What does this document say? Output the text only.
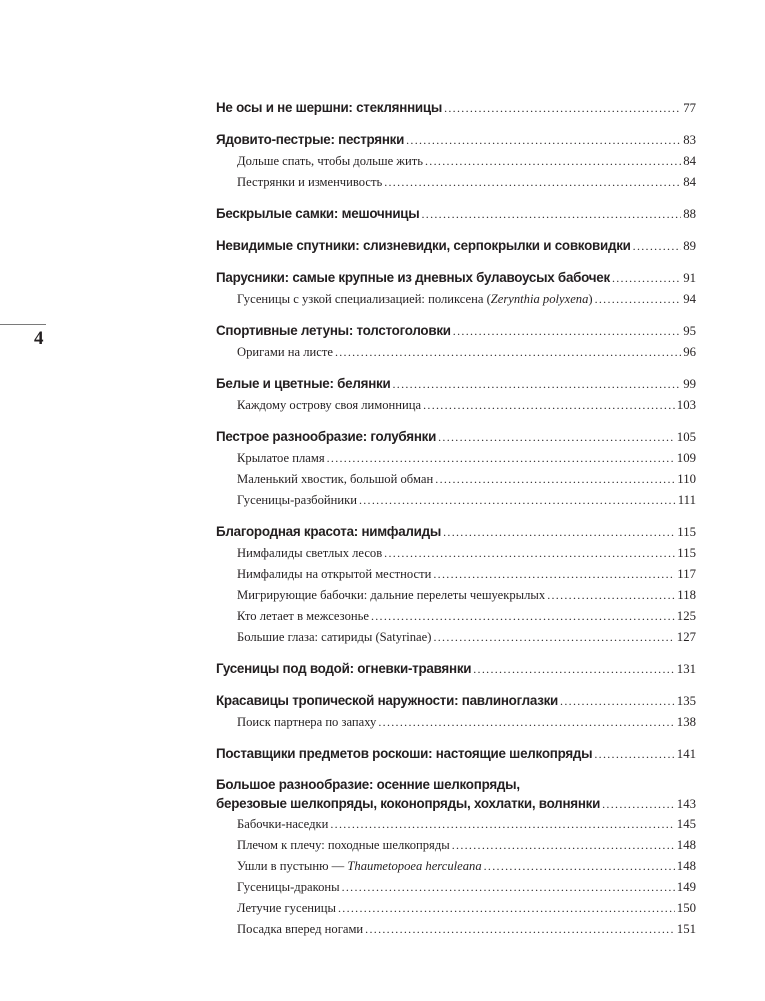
4
Не осы и не шершни: стеклянницы .....	77
Ядовито-пестрые: пестрянки .....	83
Дольше спать, чтобы дольше жить .....	84
Пестрянки и изменчивость .....	84
Бескрылые самки: мешочницы .....	88
Невидимые спутники: слизневидки, серпокрылки и совковидки .....	89
Парусники: самые крупные из дневных булавоусых бабочек .....	91
Гусеницы с узкой специализацией: поликсена (Zerynthia polyxena) .....	94
Спортивные летуны: толстоголовки .....	95
Оригами на листе .....	96
Белые и цветные: белянки .....	99
Каждому острову своя лимонница .....	103
Пестрое разнообразие: голубянки .....	105
Крылатое пламя .....	109
Маленький хвостик, большой обман .....	110
Гусеницы-разбойники .....	111
Благородная красота: нимфалиды .....	115
Нимфалиды светлых лесов .....	115
Нимфалиды на открытой местности .....	117
Мигрирующие бабочки: дальние перелеты чешуекрылых .....	118
Кто летает в межсезонье .....	125
Большие глаза: сатириды (Satyrinae) .....	127
Гусеницы под водой: огневки-травянки .....	131
Красавицы тропической наружности: павлиноглазки .....	135
Поиск партнера по запаху .....	138
Поставщики предметов роскоши: настоящие шелкопряды .....	141
Большое разнообразие: осенние шелкопряды,
березовые шелкопряды, коконопряды, хохлатки, волнянки .....	143
Бабочки-наседки .....	145
Плечом к плечу: походные шелкопряды .....	148
Ушли в пустыню — Thaumetopoea herculeana .....	148
Гусеницы-драконы .....	149
Летучие гусеницы .....	150
Посадка вперед ногами .....	151
